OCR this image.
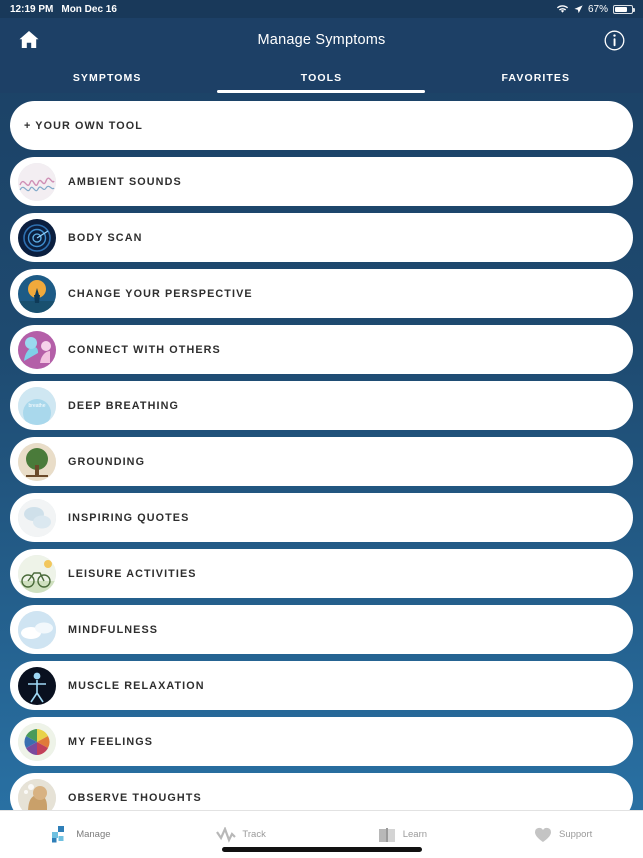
12:19 PM Mon Dec 16	67%
Manage Symptoms
SYMPTOMS	TOOLS	FAVORITES
+ YOUR OWN TOOL
AMBIENT SOUNDS
BODY SCAN
CHANGE YOUR PERSPECTIVE
CONNECT WITH OTHERS
breathe DEEP BREATHING
GROUNDING
INSPIRING QUOTES
LEISURE ACTIVITIES
MINDFULNESS
MUSCLE RELAXATION
MY FEELINGS
OBSERVE THOUGHTS
Manage	Track	Learn	Support
